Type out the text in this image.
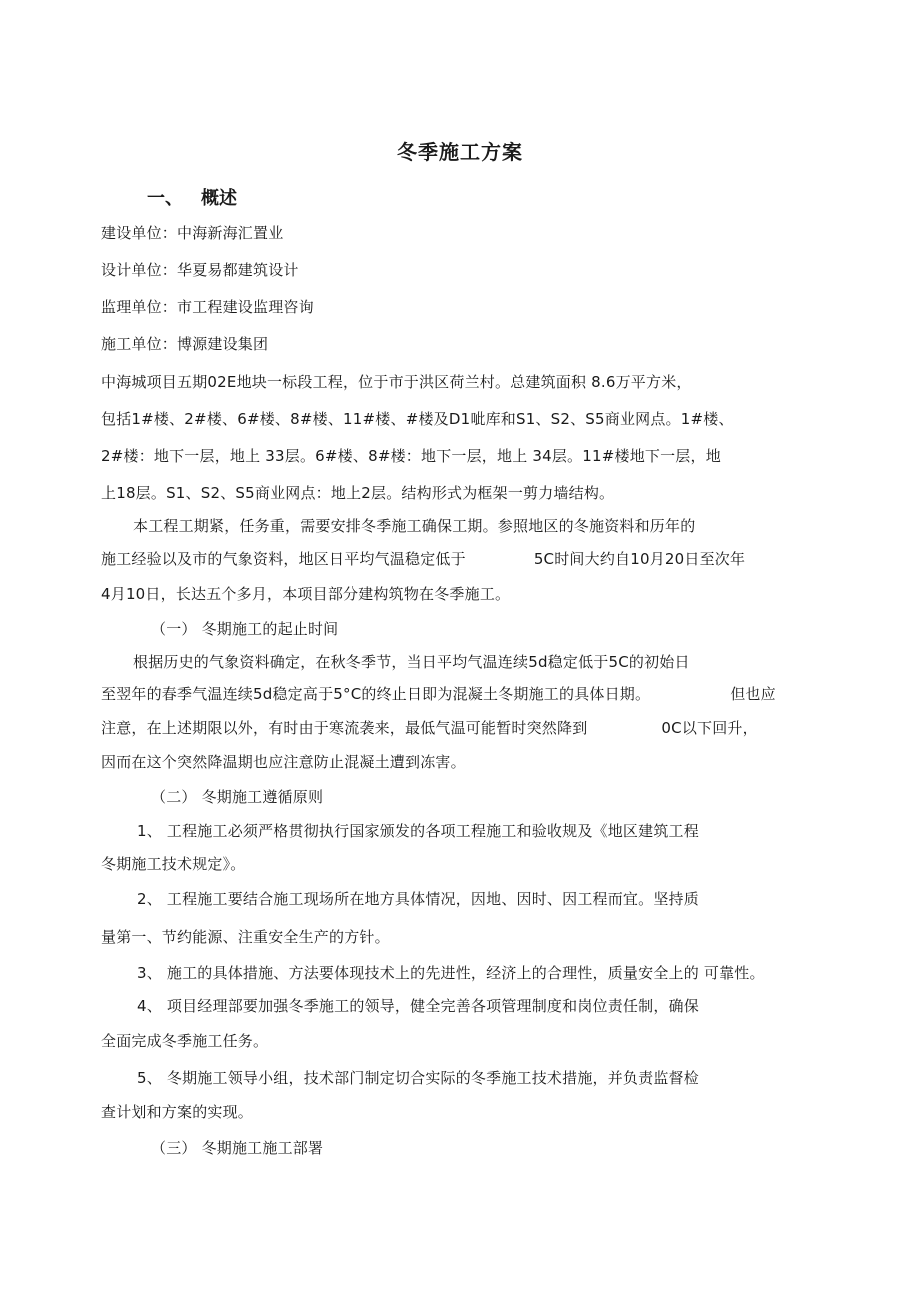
冬季施工方案
一、 概述
建设单位：中海新海汇置业
设计单位：华夏易都建筑设计
监理单位：市工程建设监理咨询
施工单位：博源建设集团
中海城项目五期02E地块一标段工程，位于市于洪区荷兰村。总建筑面积 8.6万平方米，
包括1#楼、2#楼、6#楼、8#楼、11#楼、#楼及D1呲库和S1、S2、S5商业网点。1#楼、
2#楼：地下一层，地上 33层。6#楼、8#楼：地下一层，地上 34层。11#楼地下一层，地
上18层。S1、S2、S5商业网点：地上2层。结构形式为框架一剪力墙结构。
本工程工期紧，任务重，需要安排冬季施工确保工期。参照地区的冬施资料和历年的
施工经验以及市的气象资料，地区日平均气温稳定低于	5C时间大约自10月20日至次年
4月10日，长达五个多月，本项目部分建构筑物在冬季施工。
（一） 冬期施工的起止时间
根据历史的气象资料确定，在秋冬季节，当日平均气温连续5d稳定低于5C的初始日
至翌年的春季气温连续5d稳定高于5°C的终止日即为混凝土冬期施工的具体日期。	但也应
注意，在上述期限以外，有时由于寒流袭来，最低气温可能暂时突然降到	0C以下回升，
因而在这个突然降温期也应注意防止混凝土遭到冻害。
（二） 冬期施工遵循原则
1、 工程施工必须严格贯彻执行国家颁发的各项工程施工和验收规及《地区建筑工程
冬期施工技术规定》。
2、 工程施工要结合施工现场所在地方具体情况，因地、因时、因工程而宜。坚持质
量第一、节约能源、注重安全生产的方针。
3、 施工的具体措施、方法要体现技术上的先进性，经济上的合理性，质量安全上的 可靠性。
4、 项目经理部要加强冬季施工的领导，健全完善各项管理制度和岗位责任制，确保
全面完成冬季施工任务。
5、 冬期施工领导小组，技术部门制定切合实际的冬季施工技术措施，并负责监督检
查计划和方案的实现。
（三） 冬期施工施工部署
